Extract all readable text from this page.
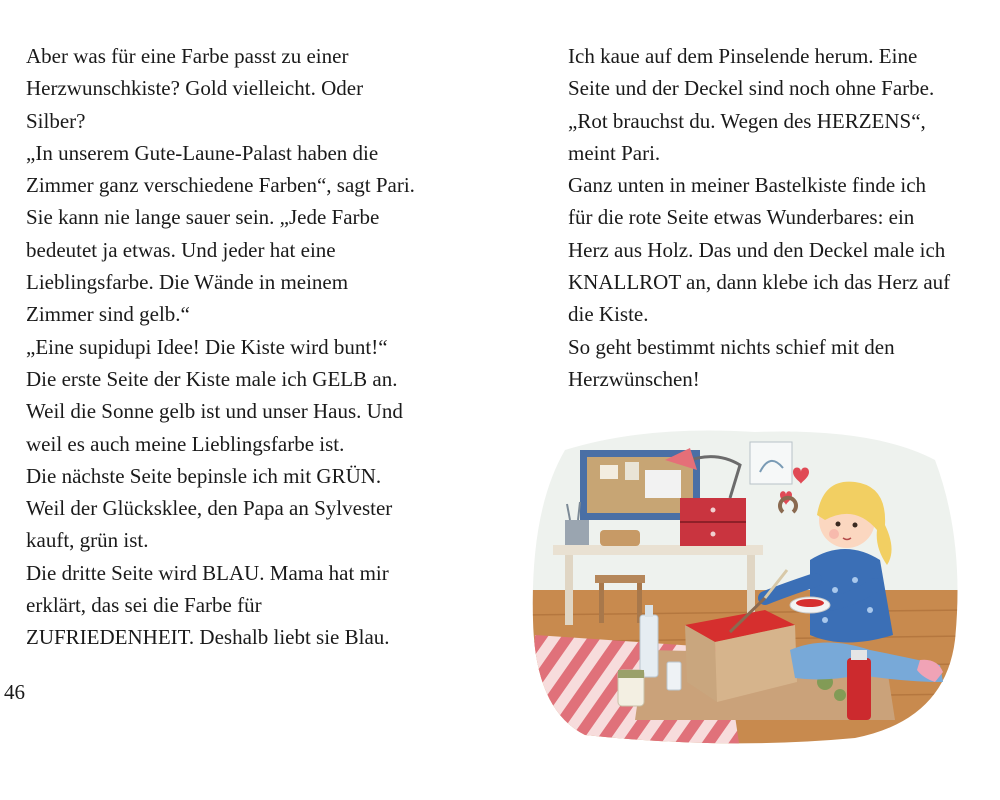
Aber was für eine Farbe passt zu einer
Herzwunschkiste? Gold vielleicht. Oder
Silber?

„In unserem Gute-Laune-Palast haben die
Zimmer ganz verschiedene Farben“, sagt Pari.
Sie kann nie lange sauer sein. „Jede Farbe
bedeutet ja etwas. Und jeder hat eine
Lieblingsfarbe. Die Wände in meinem
Zimmer sind gelb.“

„Eine supidupi Idee! Die Kiste wird bunt!“

Die erste Seite der Kiste male ich GELB an.
Weil die Sonne gelb ist und unser Haus. Und
weil es auch meine Lieblingsfarbe ist.

Die nächste Seite bepinsle ich mit GRÜN.
Weil der Glücksklee, den Papa an Sylvester
kauft, grün ist.

Die dritte Seite wird BLAU. Mama hat mir
erklärt, das sei die Farbe für
ZUFRIEDENHEIT. Deshalb liebt sie Blau.

46

Ich kaue auf dem Pinselende herum. Eine
Seite und der Deckel sind noch ohne Farbe.

„Rot brauchst du. Wegen des HERZENS“,
meint Pari.

Ganz unten in meiner Bastelkiste finde ich
für die rote Seite etwas Wunderbares: ein
Herz aus Holz. Das und den Deckel male ich
KNALLROT an, dann klebe ich das Herz auf
die Kiste.

So geht bestimmt nichts schief mit den
Herzwünschen!
